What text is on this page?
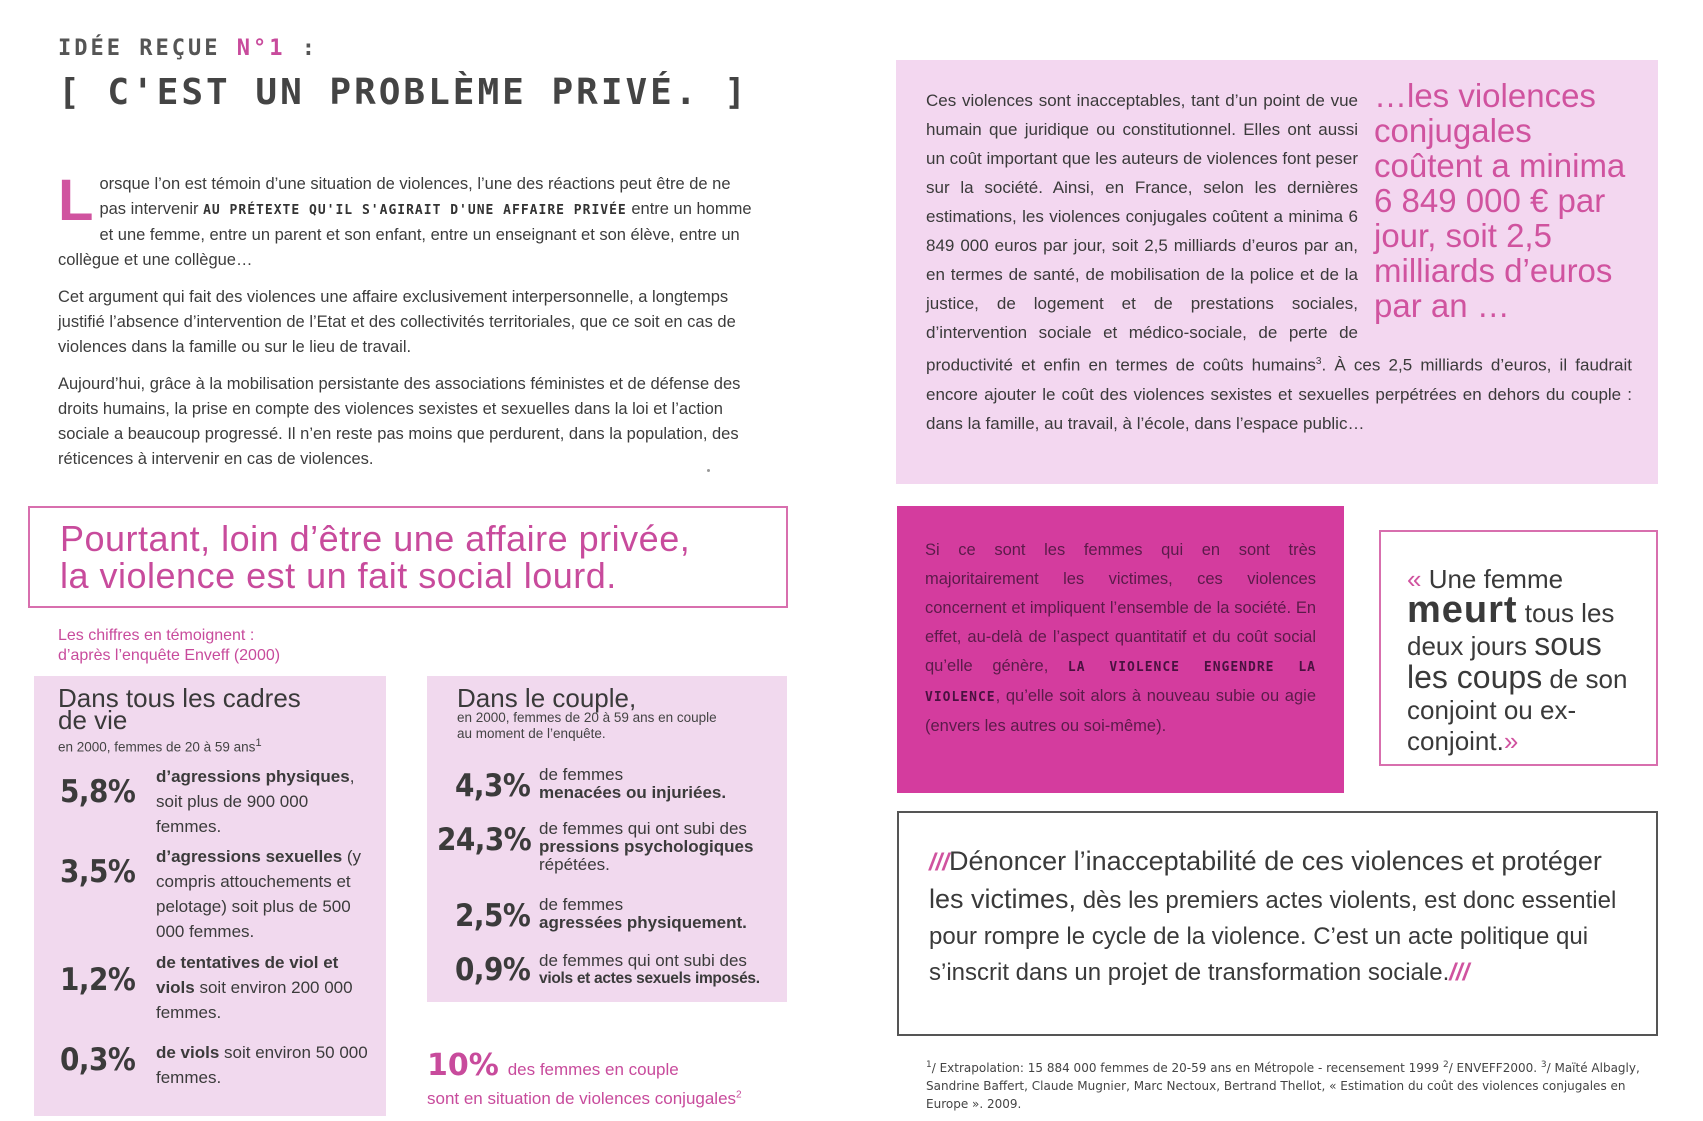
IDÉE REÇUE N°1 :
[ C'EST UN PROBLÈME PRIVÉ. ]

Lorsque l’on est témoin d’une situation de violences, l’une des réactions peut être de ne pas intervenir AU PRÉTEXTE QU'IL S'AGIRAIT D'UNE AFFAIRE PRIVÉE entre un homme et une femme, entre un parent et son enfant, entre un enseignant et son élève, entre un collègue et une collègue…

Cet argument qui fait des violences une affaire exclusivement interpersonnelle, a longtemps justifié l’absence d’intervention de l’Etat et des collectivités territoriales, que ce soit en cas de violences dans la famille ou sur le lieu de travail.

Aujourd’hui, grâce à la mobilisation persistante des associations féministes et de défense des droits humains, la prise en compte des violences sexistes et sexuelles dans la loi et l’action sociale a beaucoup progressé. Il n’en reste pas moins que perdurent, dans la population, des réticences à intervenir en cas de violences.

Pourtant, loin d’être une affaire privée,
la violence est un fait social lourd.
Les chiffres en témoignent :
d’après l’enquête Enveff (2000)
Dans tous les cadres
de vie
en 2000, femmes de 20 à 59 ans$^1$
5,8% d’agressions physiques, soit plus de 900 000 femmes.
3,5% d’agressions sexuelles (y compris attouchements et pelotage) soit plus de 500 000 femmes.
1,2% de tentatives de viol et viols soit environ 200 000 femmes.
0,3% de viols soit environ 50 000 femmes.
Dans le couple,
en 2000, femmes de 20 à 59 ans en couple
au moment de l’enquête.
4,3% de femmes
menacées ou injuriées.
24,3% de femmes qui ont subi des
pressions psychologiques
répétées.
2,5% de femmes
agressées physiquement.
0,9% de femmes qui ont subi des
viols et actes sexuels imposés.
10% des femmes en couple
sont en situation de violences conjugales$^2$
…les violences conjugales coûtent a minima 6 849 000 € par jour, soit 2,5 milliards d’euros par an …
Ces violences sont inacceptables, tant d’un point de vue humain que juridique ou constitutionnel. Elles ont aussi un coût important que les auteurs de violences font peser sur la société. Ainsi, en France, selon les dernières estimations, les violences conjugales coûtent a minima 6 849 000 euros par jour, soit 2,5 milliards d’euros par an, en termes de santé, de mobilisation de la police et de la justice, de logement et de prestations sociales, d’intervention sociale et médico-sociale, de perte de productivité et enfin en termes de coûts humains$^3$. À ces 2,5 milliards d’euros, il faudrait encore ajouter le coût des violences sexistes et sexuelles perpétrées en dehors du couple : dans la famille, au travail, à l’école, dans l’espace public…
Si ce sont les femmes qui en sont très majoritairement les victimes, ces violences concernent et impliquent l’ensemble de la société. En effet, au-delà de l’aspect quantitatif et du coût social qu’elle génère, LA VIOLENCE ENGENDRE LA VIOLENCE, qu’elle soit alors à nouveau subie ou agie (envers les autres ou soi-même).
« Une femme meurt tous les deux jours sous les coups de son conjoint ou ex-conjoint.»
///Dénoncer l’inacceptabilité de ces violences et protéger les victimes, dès les premiers actes violents, est donc essentiel pour rompre le cycle de la violence. C’est un acte politique qui s’inscrit dans un projet de transformation sociale.///
$^1$/ Extrapolation: 15 884 000 femmes de 20-59 ans en Métropole - recensement 1999 $^2$/ ENVEFF2000. $^3$/ Maïté Albagly, Sandrine Baffert, Claude Mugnier, Marc Nectoux, Bertrand Thellot, « Estimation du coût des violences conjugales en Europe ». 2009.
